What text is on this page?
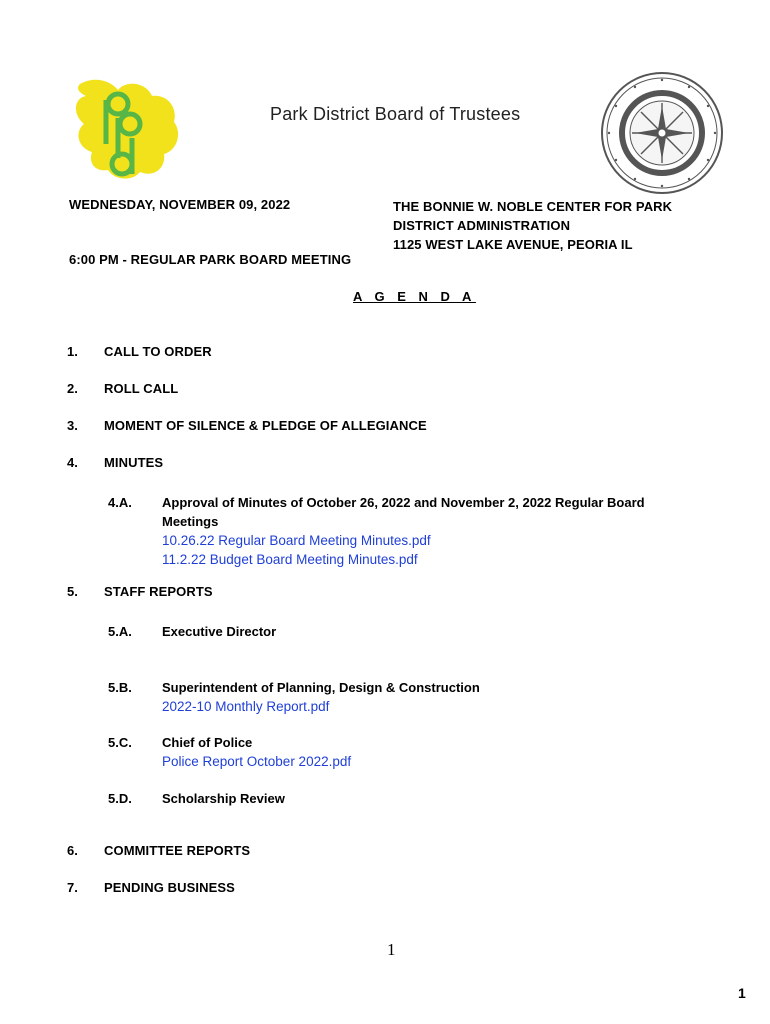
Park District Board of Trustees
WEDNESDAY, NOVEMBER 09, 2022	THE BONNIE W. NOBLE CENTER FOR PARK
DISTRICT ADMINISTRATION
1125 WEST LAKE AVENUE, PEORIA IL
6:00 PM - REGULAR PARK BOARD MEETING
A G E N D A
1. CALL TO ORDER
2. ROLL CALL
3. MOMENT OF SILENCE & PLEDGE OF ALLEGIANCE
4. MINUTES
4.A. Approval of Minutes of October 26, 2022 and November 2, 2022 Regular Board
Meetings
10.26.22 Regular Board Meeting Minutes.pdf
11.2.22 Budget Board Meeting Minutes.pdf
5. STAFF REPORTS
5.A. Executive Director
5.B. Superintendent of Planning, Design & Construction
2022-10 Monthly Report.pdf
5.C. Chief of Police
Police Report October 2022.pdf
5.D. Scholarship Review
6. COMMITTEE REPORTS
7. PENDING BUSINESS
1
1
